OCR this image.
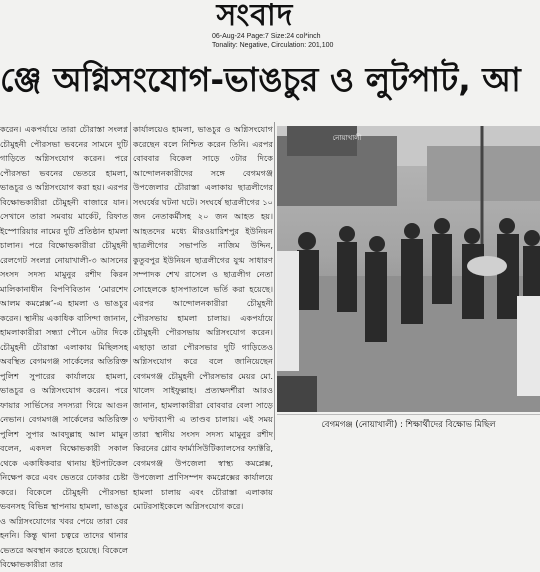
সংবাদ
06-Aug-24 Page:7 Size:24 col*inch
Tonality: Negative, Circulation: 201,100
ঞ্জে অগ্নিসংযোগ-ভাঙচুর ও লুটপাট, আ

করেন। একপর্যায়ে তারা চৌরাস্তা সংলগ্ন চৌমুহনী পৌরসভা ভবনের সামনে দুটি গাড়িতে অগ্নিসংযোগ করেন। পরে পৌরসভা ভবনের ভেতরে হামলা, ভাঙচুর ও অগ্নিসংযোগ করা হয়। এরপর বিক্ষোভকারীরা চৌমুহনী বাজারে যান। সেখানে তারা সমবায় মার্কেট, রিফাত ইস্পোরিয়ার নামের দুটি প্রতিষ্ঠান হামলা চালান। পরে বিক্ষোভকারীরা চৌমুহনী রেলগেট সংলগ্ন নোয়াখালী-৩ আসনের সংসদ সদস্য মামুনুর রশীদ কিরন মালিকানাধীন বিপণিবিতান ‘মোরশেদ আলম কমপ্লেক্স’-এ হামলা ও ভাঙচুর করেন। স্থানীয় একাধিক বাসিন্দা জানান, হামলাকারীরা সন্ধ্যা পৌনে ৬টার দিকে চৌমুহনী চৌরাস্তা এলাকায় মিছিলসহ অবস্থিত বেগমগঞ্জ সার্কেলের অতিরিক্ত পুলিশ সুপারের কার্যালয়ে হামলা, ভাঙচুর ও অগ্নিসংযোগ করেন। পরে ফায়ার সার্ভিসের সদস্যরা গিয়ে আগুন নেভান। বেগমগঞ্জ সার্কেলের অতিরিক্ত পুলিশ সুপার আবদুল্লাহ আল মামুন বলেন, একদল বিক্ষোভকারী সকাল থেকে একাধিকবার থানায় ইটপাটকেল নিক্ষেপ করে এবং ভেতরে ঢোকার চেষ্টা করে। বিকেলে চৌমুহনী পৌরসভা ভবনসহ বিভিন্ন স্থাপনায় হামলা, ভাঙচুর ও অগ্নিসংযোগের খবর পেয়ে তারা বের হননি। কিন্তু থানা চত্বরে তাদের থানার ভেতরে অবস্থান করতে হয়েছে। বিকেলে বিক্ষোভকারীরা তার

কার্যালয়েও হামলা, ভাঙচুর ও অগ্নিসংযোগ করেছেন বলে নিশ্চিত করেন তিনি। এরপর বোববার বিকেল সাড়ে ৩টার দিকে আন্দোলনকারীদের সঙ্গে বেগমগঞ্জ উপজেলার চৌরাস্তা এলাকায় ছাত্রলীগের সংঘর্ষের ঘটনা ঘটে। সংঘর্ষে ছাত্রলীগের ১০ জন নেতাকর্মীসহ ২০ জন আহত হয়। আহতদের মধ্যে মীরওয়ারিশপুর ইউনিয়ন ছাত্রলীগের সভাপতি নাজিম উদ্দিন, কুতুবপুর ইউনিয়ন ছাত্রলীগের যুগ্ম সাধারণ সম্পাদক শেখ রাসেল ও ছাত্রলীগ নেতা সোহেলকে হাসপাতালে ভর্তি করা হয়েছে। এরপর আন্দোলনকারীরা চৌমুহনী পৌরসভায় হামলা চালায়। একপর্যায়ে চৌমুহনী পৌরসভায় অগ্নিসংযোগ করেন। এছাড়া তারা পৌরসভার দুটি গাড়িতেও অগ্নিসংযোগ করে বলে জানিয়েছেন বেগমগঞ্জ চৌমুহনী পৌরসভার মেয়র মো. খালেদ সাইফুল্লাহ। প্রত্যক্ষদর্শীরা আরও জানান, হামলাকারীরা বোববার বেলা সাড়ে ৩ ঘণ্টাব্যাপী এ তাণ্ডব চালায়। এই সময় তারা স্থানীয় সংসদ সদস্য মামুনুর রশীদ কিরনের গ্লোব ফার্মাসিউটিক্যালসের ফ্যাক্টরি, বেগমগঞ্জ উপজেলা স্বাস্থ্য কমপ্লেক্স, উপজেলা প্রাণিসম্পদ কমপ্লেক্সের কার্যালয়ে হামলা চালায় এবং চৌরাস্তা এলাকায় মোটরসাইকেলে অগ্নিসংযোগ করে।

নোয়াখালী
বেগমগঞ্জ (নোয়াখালী) : শিক্ষার্থীদের বিক্ষোভ মিছিল
